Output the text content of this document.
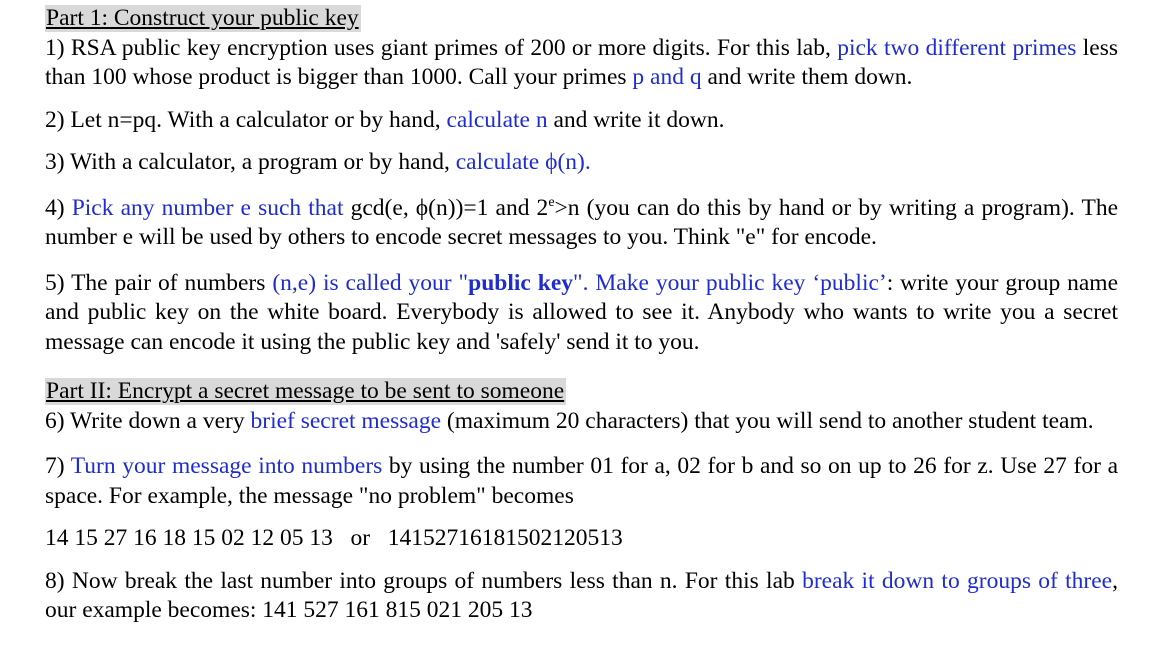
Part 1: Construct your public key

1) RSA public key encryption uses giant primes of 200 or more digits. For this lab, pick two different primes less than 100 whose product is bigger than 1000. Call your primes p and q and write them down.

2) Let n=pq. With a calculator or by hand, calculate n and write it down.

3) With a calculator, a program or by hand, calculate ϕ(n).

4) Pick any number e such that gcd(e, ϕ(n))=1 and $2^e>n$ (you can do this by hand or by writing a program). The number e will be used by others to encode secret messages to you. Think "e" for encode.

5) The pair of numbers (n,e) is called your "public key". Make your public key ‘public’: write your group name and public key on the white board. Everybody is allowed to see it. Anybody who wants to write you a secret message can encode it using the public key and 'safely' send it to you.

Part II: Encrypt a secret message to be sent to someone

6) Write down a very brief secret message (maximum 20 characters) that you will send to another student team.

7) Turn your message into numbers by using the number 01 for a, 02 for b and so on up to 26 for z. Use 27 for a space. For example, the message "no problem" becomes

14 15 27 16 18 15 02 12 05 13   or   14152716181502120513

8) Now break the last number into groups of numbers less than n. For this lab break it down to groups of three, our example becomes: 141 527 161 815 021 205 13
